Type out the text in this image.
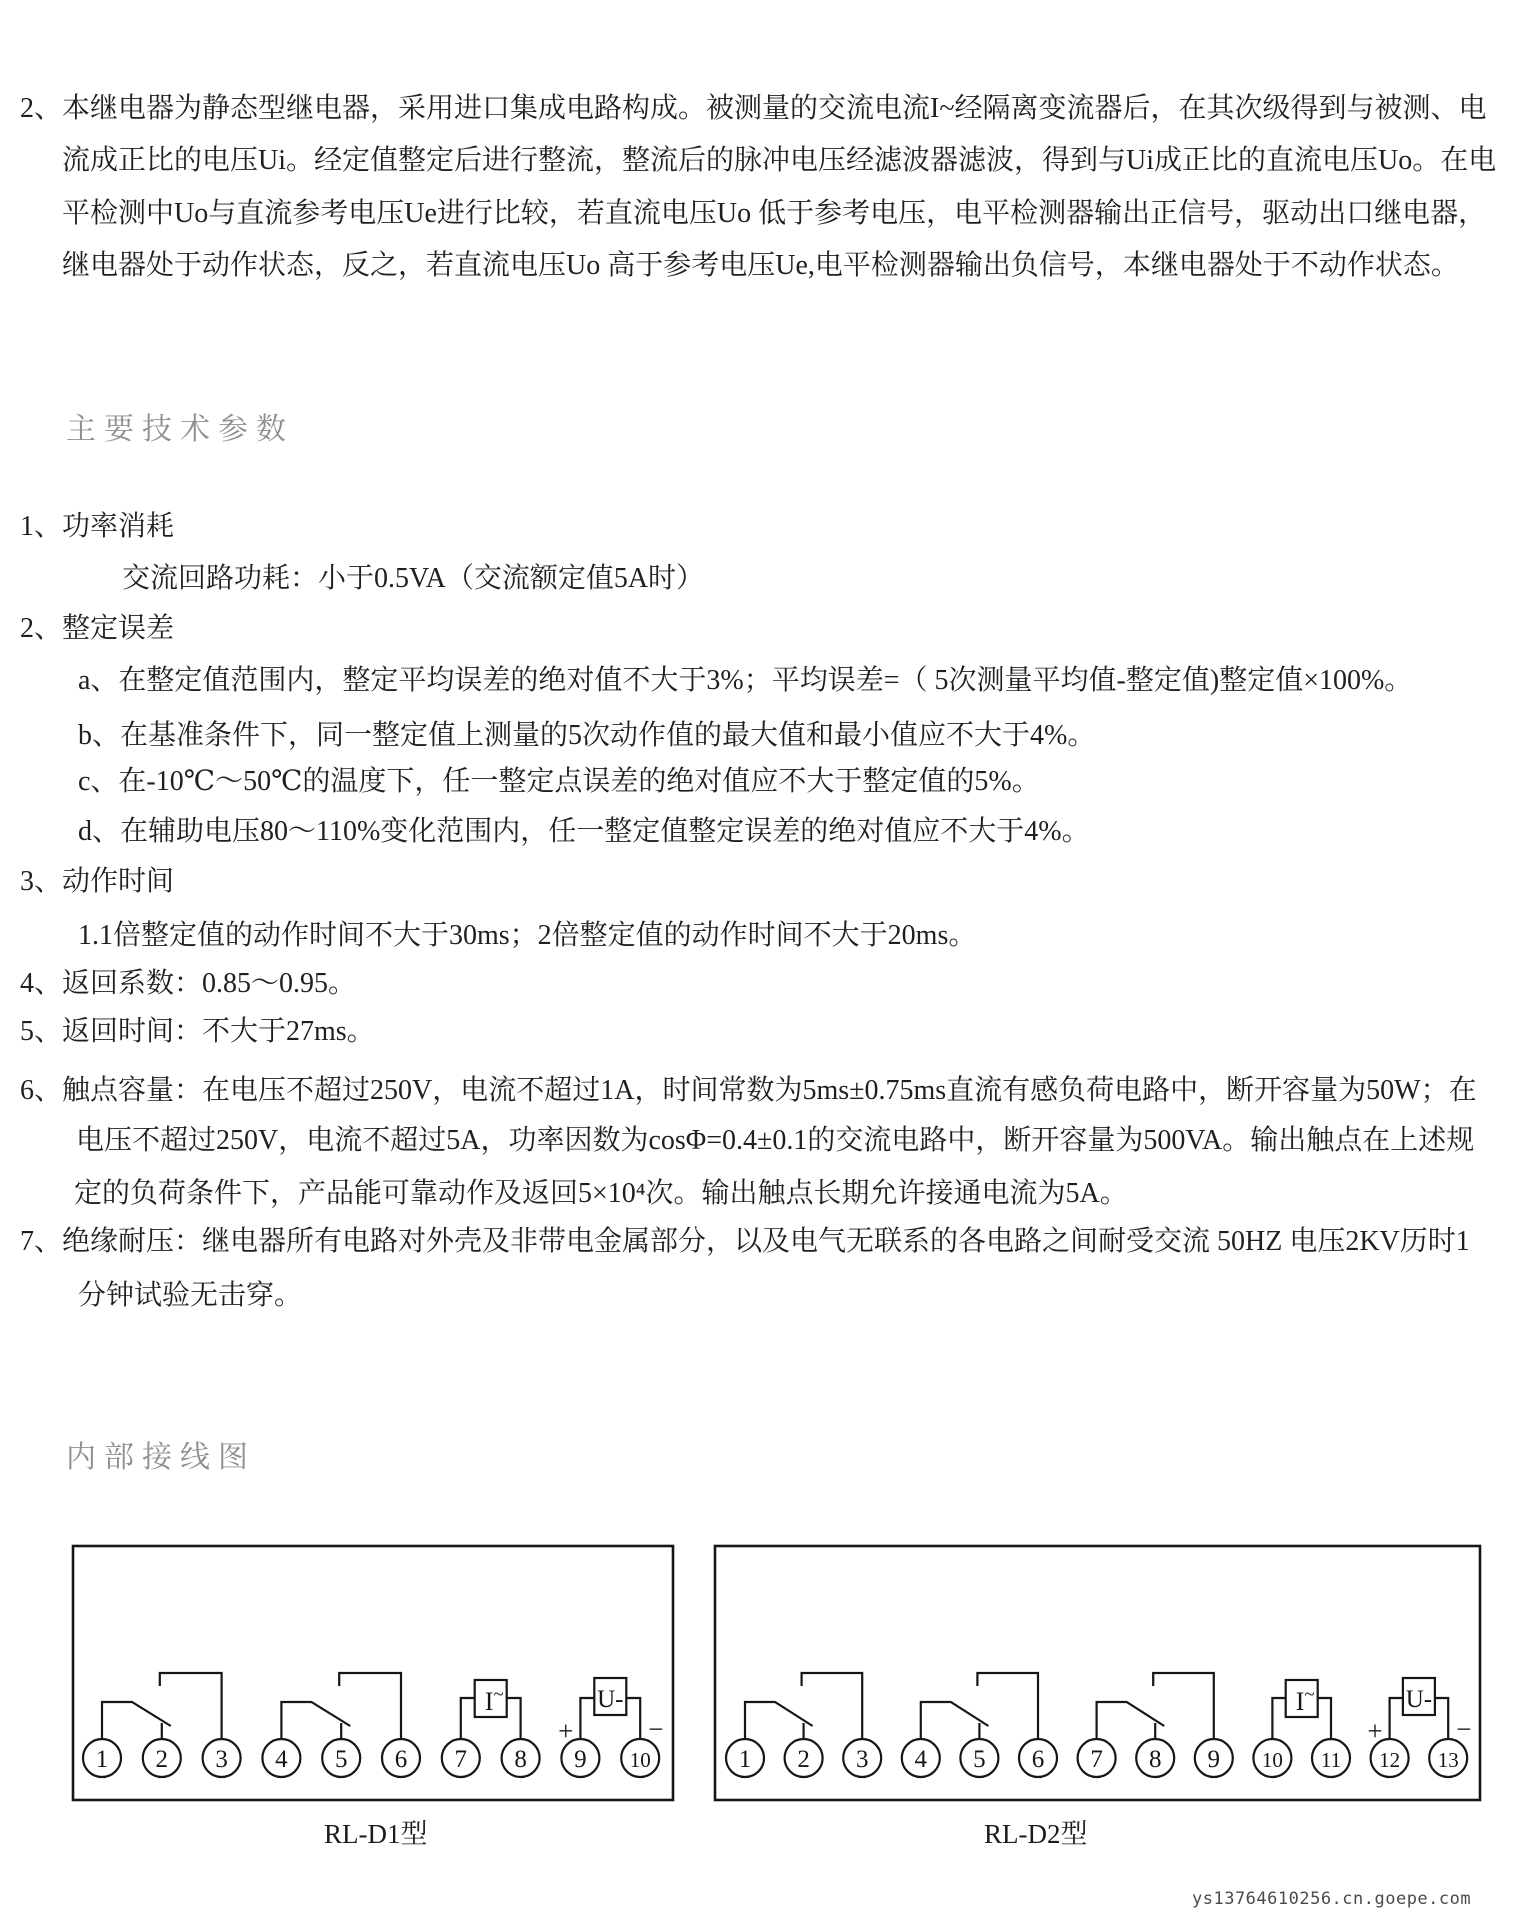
2、本继电器为静态型继电器，采用进口集成电路构成。被测量的交流电流I~经隔离变流器后，在其次级得到与被测、电
流成正比的电压Ui。经定值整定后进行整流，整流后的脉冲电压经滤波器滤波，得到与Ui成正比的直流电压Uo。在电
平检测中Uo与直流参考电压Ue进行比较，若直流电压Uo 低于参考电压，电平检测器输出正信号，驱动出口继电器，
继电器处于动作状态，反之，若直流电压Uo 高于参考电压Ue,电平检测器输出负信号，本继电器处于不动作状态。
主要技术参数
1、功率消耗
交流回路功耗：小于0.5VA（交流额定值5A时）
2、整定误差
a、在整定值范围内，整定平均误差的绝对值不大于3%；平均误差=（ 5次测量平均值-整定值)整定值×100%。
b、在基准条件下，同一整定值上测量的5次动作值的最大值和最小值应不大于4%。
c、在-10℃～50℃的温度下，任一整定点误差的绝对值应不大于整定值的5%。
d、在辅助电压80～110%变化范围内，任一整定值整定误差的绝对值应不大于4%。
3、动作时间
1.1倍整定值的动作时间不大于30ms；2倍整定值的动作时间不大于20ms。
4、返回系数：0.85～0.95。
5、返回时间：不大于27ms。
6、触点容量：在电压不超过250V，电流不超过1A，时间常数为5ms±0.75ms直流有感负荷电路中，断开容量为50W；在
电压不超过250V，电流不超过5A，功率因数为cosΦ=0.4±0.1的交流电路中，断开容量为500VA。输出触点在上述规
定的负荷条件下，产品能可靠动作及返回5×10⁴次。输出触点长期允许接通电流为5A。
7、绝缘耐压：继电器所有电路对外壳及非带电金属部分，以及电气无联系的各电路之间耐受交流 50HZ 电压2KV历时1
分钟试验无击穿。
内部接线图
I~	U-
+	−
1 2 3 4 5 6 7 8 9 10
I~	U-
+	−
1 2 3 4 5 6 7 8 9 10 11 12 13
RL-D1型	RL-D2型
ys13764610256.cn.goepe.com
